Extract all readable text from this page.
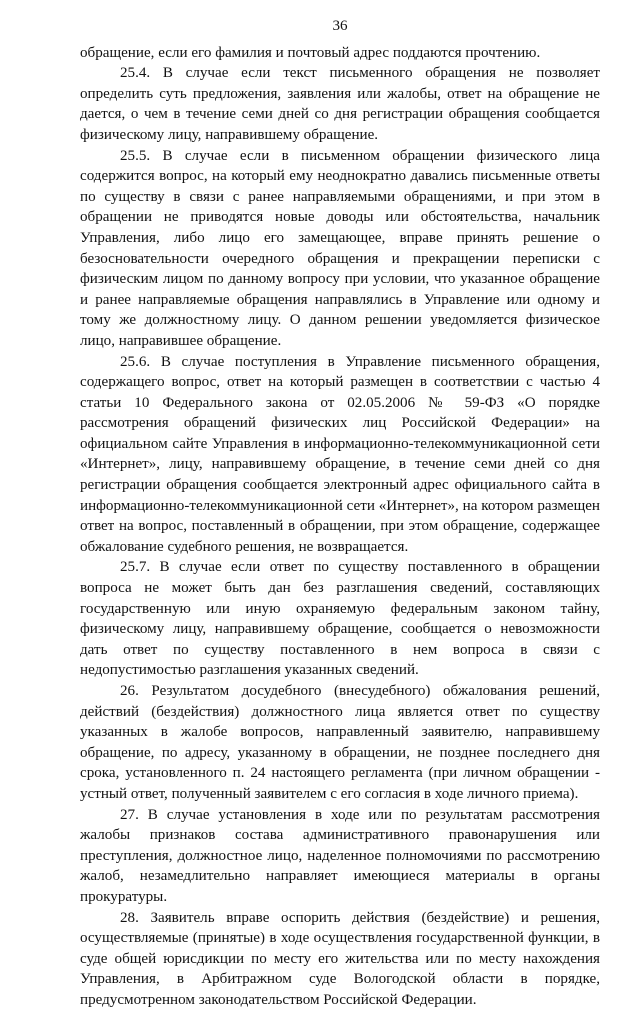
36

обращение, если его фамилия и почтовый адрес поддаются прочтению.

25.4. В случае если текст письменного обращения не позволяет определить суть предложения, заявления или жалобы, ответ на обращение не дается, о чем в течение семи дней со дня регистрации обращения сообщается физическому лицу, направившему обращение.

25.5. В случае если в письменном обращении физического лица содержится вопрос, на который ему неоднократно давались письменные ответы по существу в связи с ранее направляемыми обращениями, и при этом в обращении не приводятся новые доводы или обстоятельства, начальник Управления, либо лицо его замещающее, вправе принять решение о безосновательности очередного обращения и прекращении переписки с физическим лицом по данному вопросу при условии, что указанное обращение и ранее направляемые обращения направлялись в Управление или одному и тому же должностному лицу. О данном решении уведомляется физическое лицо, направившее обращение.

25.6. В случае поступления в Управление письменного обращения, содержащего вопрос, ответ на который размещен в соответствии с частью 4 статьи 10 Федерального закона от 02.05.2006 № 59-ФЗ «О порядке рассмотрения обращений физических лиц Российской Федерации» на официальном сайте Управления в информационно-телекоммуникационной сети «Интернет», лицу, направившему обращение, в течение семи дней со дня регистрации обращения сообщается электронный адрес официального сайта в информационно-телекоммуникационной сети «Интернет», на котором размещен ответ на вопрос, поставленный в обращении, при этом обращение, содержащее обжалование судебного решения, не возвращается.

25.7. В случае если ответ по существу поставленного в обращении вопроса не может быть дан без разглашения сведений, составляющих государственную или иную охраняемую федеральным законом тайну, физическому лицу, направившему обращение, сообщается о невозможности дать ответ по существу поставленного в нем вопроса в связи с недопустимостью разглашения указанных сведений.

26. Результатом досудебного (внесудебного) обжалования решений, действий (бездействия) должностного лица является ответ по существу указанных в жалобе вопросов, направленный заявителю, направившему обращение, по адресу, указанному в обращении, не позднее последнего дня срока, установленного п. 24 настоящего регламента (при личном обращении - устный ответ, полученный заявителем с его согласия в ходе личного приема).

27. В случае установления в ходе или по результатам рассмотрения жалобы признаков состава административного правонарушения или преступления, должностное лицо, наделенное полномочиями по рассмотрению жалоб, незамедлительно направляет имеющиеся материалы в органы прокуратуры.

28. Заявитель вправе оспорить действия (бездействие) и решения, осуществляемые (принятые) в ходе осуществления государственной функции, в суде общей юрисдикции по месту его жительства или по месту нахождения Управления, в Арбитражном суде Вологодской области в порядке, предусмотренном законодательством Российской Федерации.
